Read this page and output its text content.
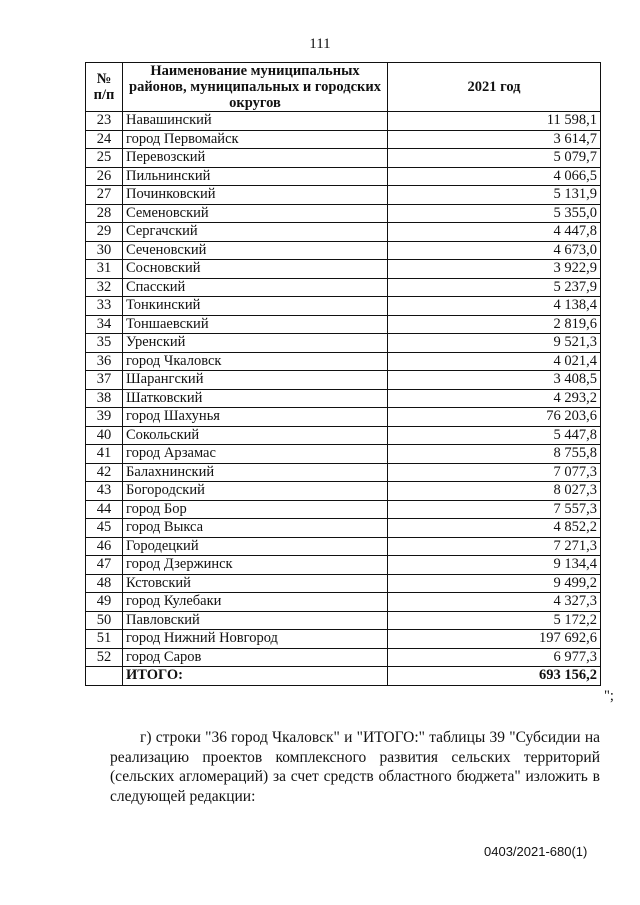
111
№ п/п	Наименование муниципальных районов, муниципальных и городских округов	2021 год
23	Навашинский	11 598,1
24	город Первомайск	3 614,7
25	Перевозский	5 079,7
26	Пильнинский	4 066,5
27	Починковский	5 131,9
28	Семеновский	5 355,0
29	Сергачский	4 447,8
30	Сеченовский	4 673,0
31	Сосновский	3 922,9
32	Спасский	5 237,9
33	Тонкинский	4 138,4
34	Тоншаевский	2 819,6
35	Уренский	9 521,3
36	город Чкаловск	4 021,4
37	Шарангский	3 408,5
38	Шатковский	4 293,2
39	город Шахунья	76 203,6
40	Сокольский	5 447,8
41	город Арзамас	8 755,8
42	Балахнинский	7 077,3
43	Богородский	8 027,3
44	город Бор	7 557,3
45	город Выкса	4 852,2
46	Городецкий	7 271,3
47	город Дзержинск	9 134,4
48	Кстовский	9 499,2
49	город Кулебаки	4 327,3
50	Павловский	5 172,2
51	город Нижний Новгород	197 692,6
52	город Саров	6 977,3
	ИТОГО:	693 156,2
";
г) строки "36 город Чкаловск" и "ИТОГО:" таблицы 39 "Субсидии на реализацию проектов комплексного развития сельских территорий (сельских агломераций) за счет средств областного бюджета" изложить в следующей редакции:
0403/2021-680(1)
